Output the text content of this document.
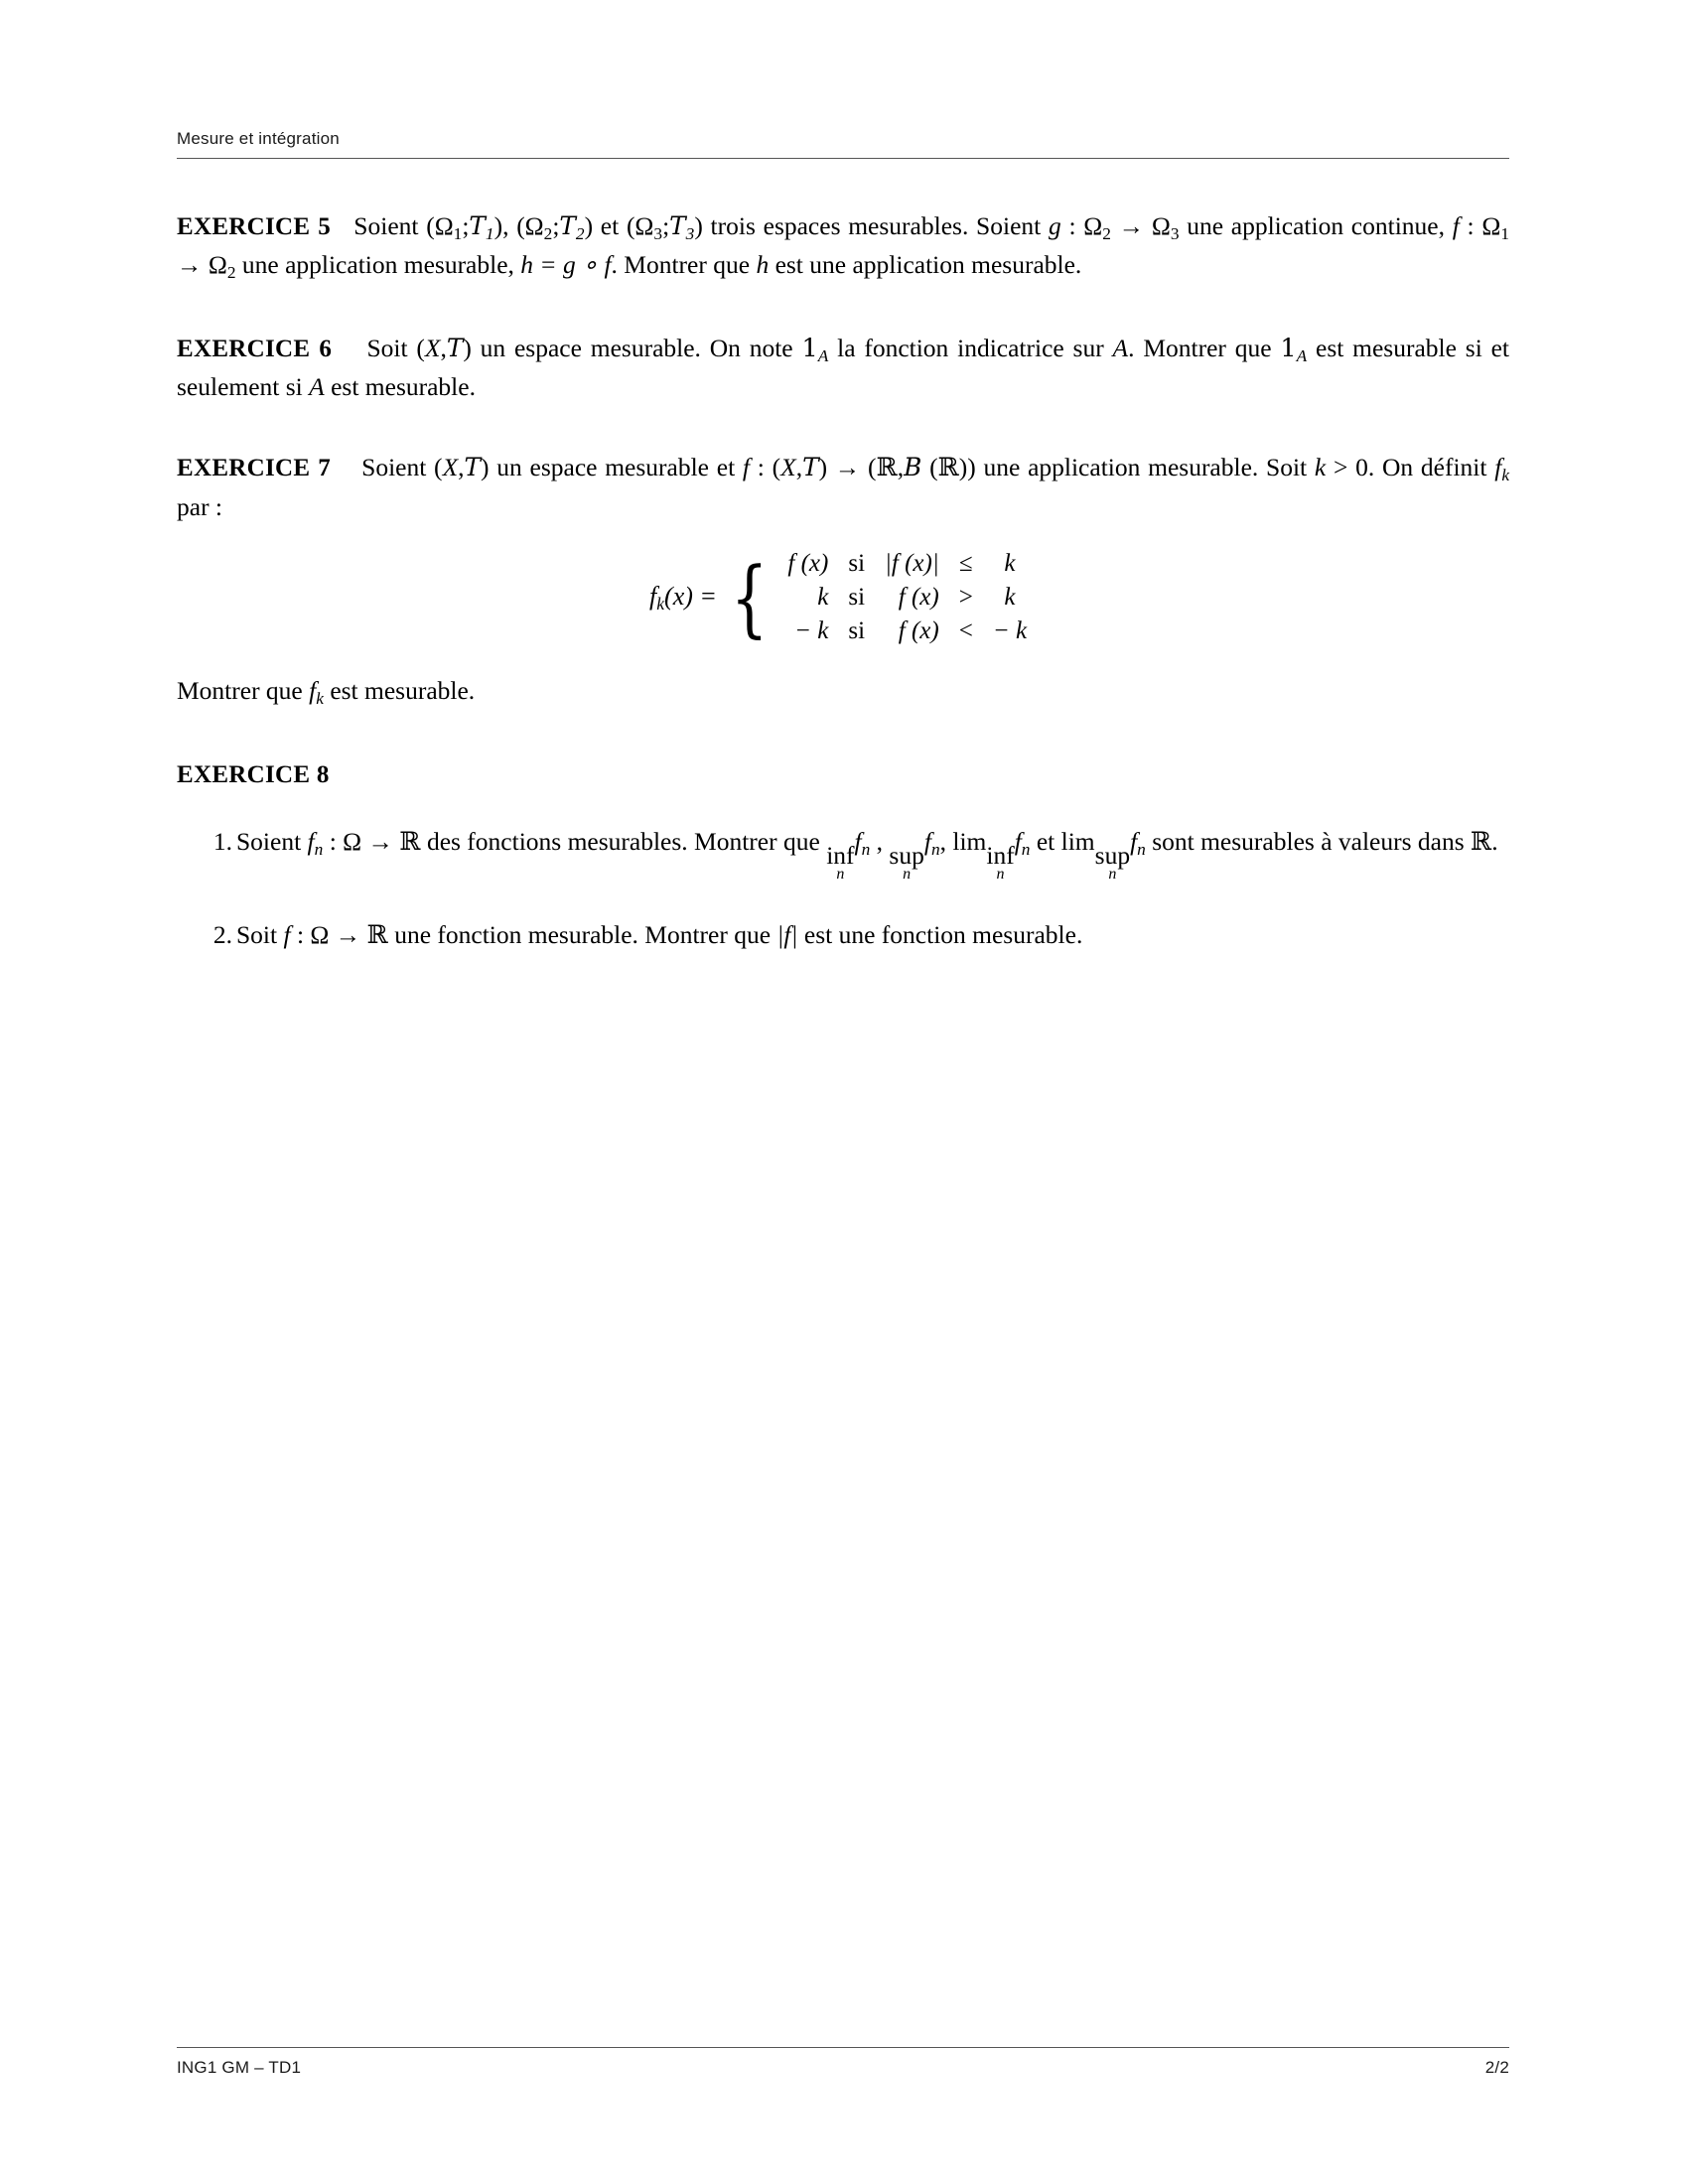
Mesure et intégration
EXERCICE 5 Soient $(\Omega_1;T_1)$, $(\Omega_2;T_2)$ et $(\Omega_3;T_3)$ trois espaces mesurables. Soient g : $\Omega_2 \to \Omega_3$ une application continue, f : $\Omega_1 \to \Omega_2$ une application mesurable, h = g ∘ f. Montrer que h est une application mesurable.
EXERCICE 6 Soit (X,T) un espace mesurable. On note $1_A$ la fonction indicatrice sur A. Montrer que $1_A$ est mesurable si et seulement si A est mesurable.
EXERCICE 7 Soient (X,T) un espace mesurable et f : (X,T) → (ℝ,B (ℝ)) une application mesurable. Soit k > 0. On définit $f_k$ par :
$f_k(x)$ = { f (x)	si	|f (x)|	≤	k
k	si	f (x)	>	k
− k	si	f (x)	<	− k
Montrer que $f_k$ est mesurable.
EXERCICE 8
1. Soient $f_n$ : Ω → ℝ des fonctions mesurables. Montrer que inf
n
$f_n$ , sup
n
$f_n$, lim inf
n
$f_n$ et lim sup
n
$f_n$ sont mesurables à valeurs dans ℝ.
2. Soit f : Ω → ℝ une fonction mesurable. Montrer que |f| est une fonction mesurable.
ING1 GM – TD1	2/2
